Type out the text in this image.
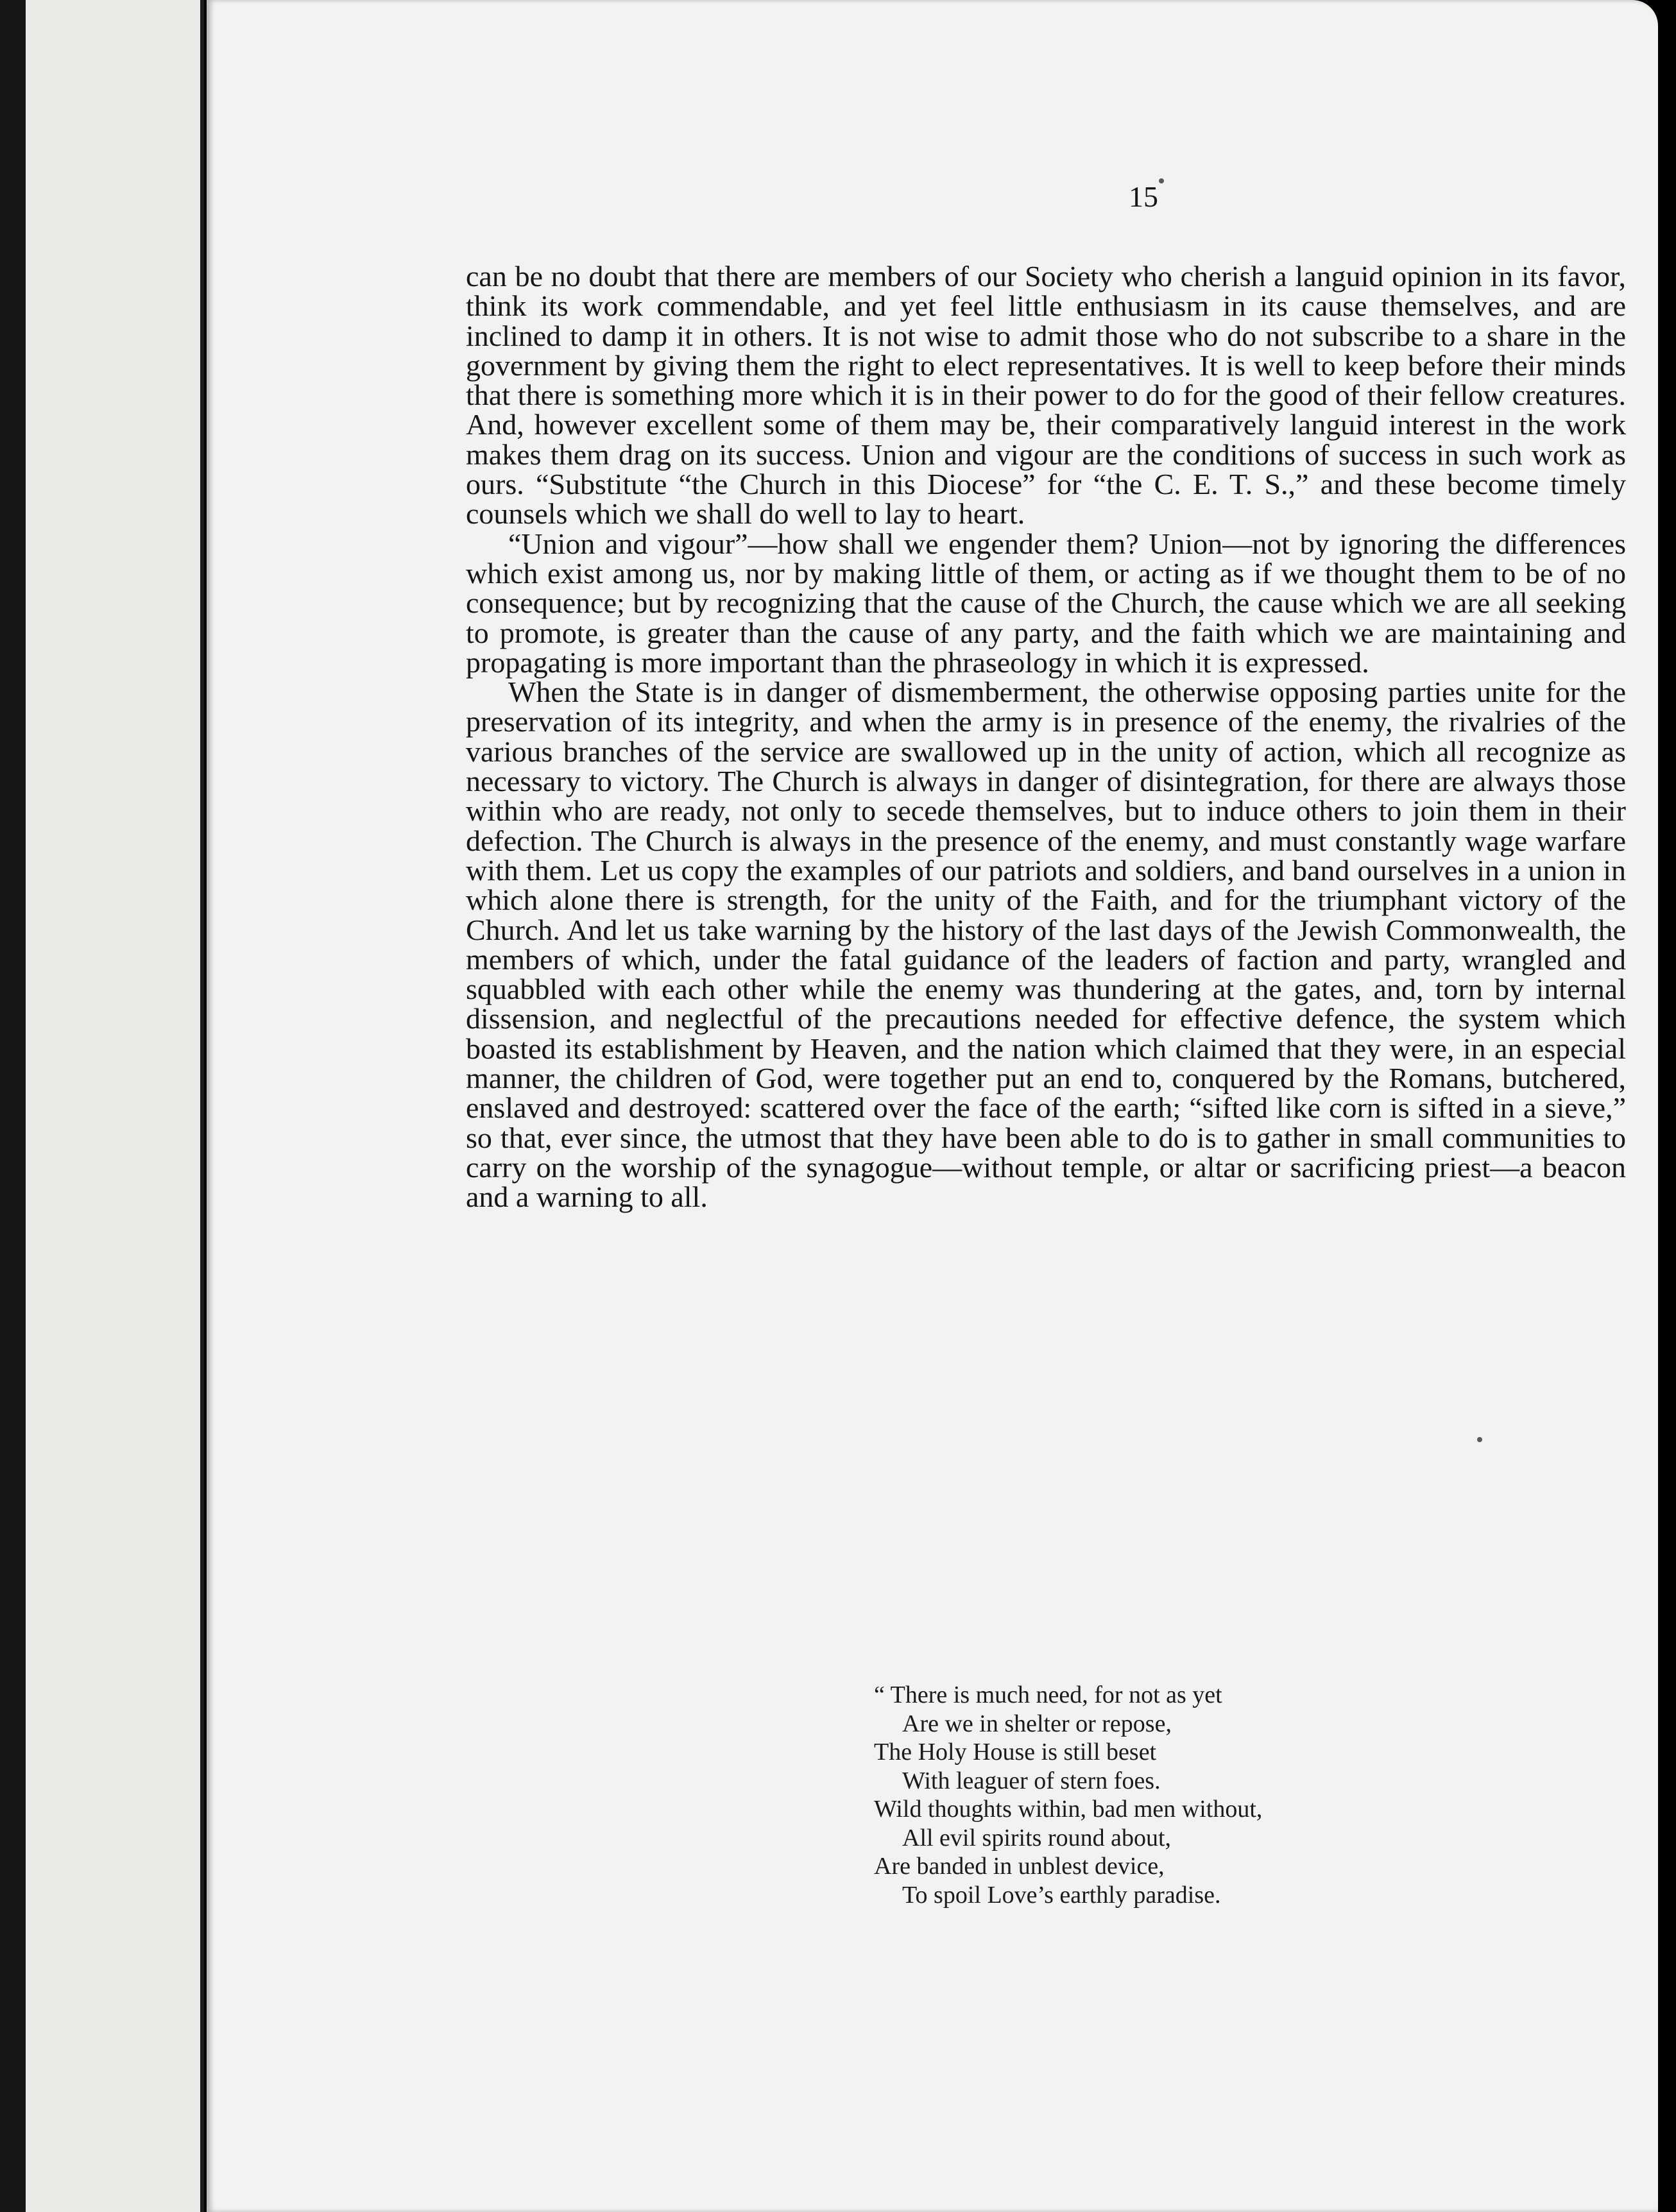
15

can be no doubt that there are members of our Society who cherish a languid opinion in its favor, think its work commendable, and yet feel little enthusiasm in its cause themselves, and are inclined to damp it in others. It is not wise to admit those who do not subscribe to a share in the government by giving them the right to elect representatives. It is well to keep before their minds that there is something more which it is in their power to do for the good of their fellow creatures. And, however excellent some of them may be, their comparatively languid interest in the work makes them drag on its success. Union and vigour are the conditions of success in such work as ours. “Substitute “the Church in this Diocese” for “the C. E. T. S.,” and these become timely counsels which we shall do well to lay to heart.

“Union and vigour”—how shall we engender them? Union—not by ignoring the differences which exist among us, nor by making little of them, or acting as if we thought them to be of no consequence; but by recognizing that the cause of the Church, the cause which we are all seeking to promote, is greater than the cause of any party, and the faith which we are maintaining and propagating is more important than the phraseology in which it is expressed.

When the State is in danger of dismemberment, the otherwise opposing parties unite for the preservation of its integrity, and when the army is in presence of the enemy, the rivalries of the various branches of the service are swallowed up in the unity of action, which all recognize as necessary to victory. The Church is always in danger of disintegration, for there are always those within who are ready, not only to secede themselves, but to induce others to join them in their defection. The Church is always in the presence of the enemy, and must constantly wage warfare with them. Let us copy the examples of our patriots and soldiers, and band ourselves in a union in which alone there is strength, for the unity of the Faith, and for the triumphant victory of the Church. And let us take warning by the history of the last days of the Jewish Commonwealth, the members of which, under the fatal guidance of the leaders of faction and party, wrangled and squabbled with each other while the enemy was thundering at the gates, and, torn by internal dissension, and neglectful of the precautions needed for effective defence, the system which boasted its establishment by Heaven, and the nation which claimed that they were, in an especial manner, the children of God, were together put an end to, conquered by the Romans, butchered, enslaved and destroyed: scattered over the face of the earth; “sifted like corn is sifted in a sieve,” so that, ever since, the utmost that they have been able to do is to gather in small communities to carry on the worship of the synagogue—without temple, or altar or sacrificing priest—a beacon and a warning to all.

“ There is much need, for not as yet
Are we in shelter or repose,
The Holy House is still beset
With leaguer of stern foes.
Wild thoughts within, bad men without,
All evil spirits round about,
Are banded in unblest device,
To spoil Love’s earthly paradise.
